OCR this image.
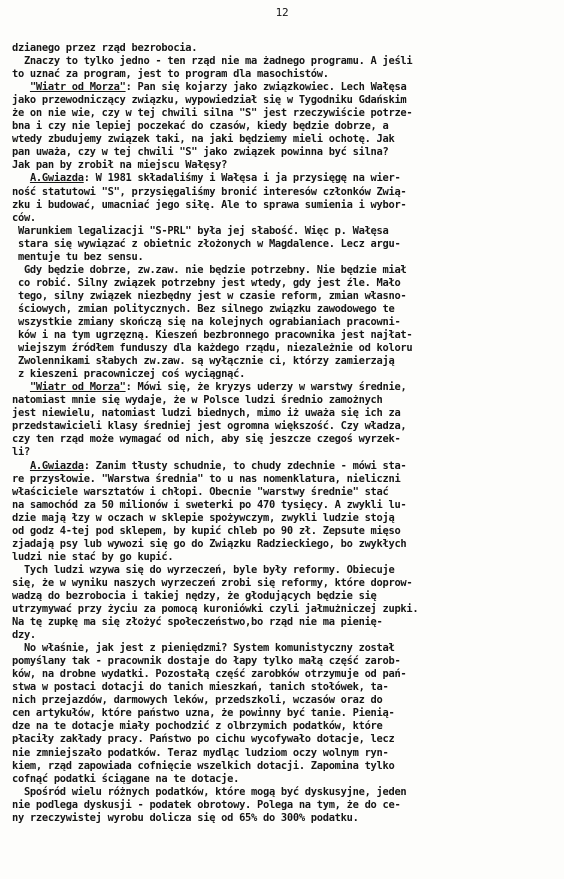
12
dzianego przez rząd bezrobocia.
Znaczy to tylko jedno - ten rząd nie ma żadnego programu. A jeśli
to uznać za program, jest to program dla masochistów.
"Wiatr od Morza": Pan się kojarzy jako związkowiec. Lech Wałęsa
jako przewodniczący związku, wypowiedział się w Tygodniku Gdańskim
że on nie wie, czy w tej chwili silna "S" jest rzeczywiście potrze-
bna i czy nie lepiej poczekać do czasów, kiedy będzie dobrze, a
wtedy zbudujemy związek taki, na jaki będziemy mieli ochotę. Jak
pan uważa, czy w tej chwili "S" jako związek powinna być silna?
Jak pan by zrobił na miejscu Wałęsy?
A.Gwiazda: W 1981 składaliśmy i Wałęsa i ja przysięgę na wier-
ność statutowi "S", przysięgaliśmy bronić interesów członków Zwią-
zku i budować, umacniać jego siłę. Ale to sprawa sumienia i wybor-
ców.
Warunkiem legalizacji "S-PRL" była jej słabość. Więc p. Wałęsa
stara się wywiązać z obietnic złożonych w Magdalence. Lecz argu-
mentuje tu bez sensu.
Gdy będzie dobrze, zw.zaw. nie będzie potrzebny. Nie będzie miał
co robić. Silny związek potrzebny jest wtedy, gdy jest źle. Mało
tego, silny związek niezbędny jest w czasie reform, zmian własno-
ściowych, zmian politycznych. Bez silnego związku zawodowego te
wszystkie zmiany skończą się na kolejnych ograbianiach pracowni-
ków i na tym ugrzęzną. Kieszeń bezbronnego pracownika jest najłat-
wiejszym źródłem funduszy dla każdego rządu, niezależnie od koloru
Zwolennikami słabych zw.zaw. są wyłącznie ci, którzy zamierzają
z kieszeni pracowniczej coś wyciągnąć.
"Wiatr od Morza": Mówi się, że kryzys uderzy w warstwy średnie,
natomiast mnie się wydaje, że w Polsce ludzi średnio zamożnych
jest niewielu, natomiast ludzi biednych, mimo iż uważa się ich za
przedstawicieli klasy średniej jest ogromna większość. Czy władza,
czy ten rząd może wymagać od nich, aby się jeszcze czegoś wyrzek-
li?
A.Gwiazda: Zanim tłusty schudnie, to chudy zdechnie - mówi sta-
re przysłowie. "Warstwa średnia" to u nas nomenklatura, nieliczni
właściciele warsztatów i chłopi. Obecnie "warstwy średnie" stać
na samochód za 50 milionów i sweterki po 470 tysięcy. A zwykli lu-
dzie mają łzy w oczach w sklepie spożywczym, zwykli ludzie stoją
od godz 4-tej pod sklepem, by kupić chleb po 90 zł. Zepsute mięso
zjadają psy lub wywozi się go do Związku Radzieckiego, bo zwykłych
ludzi nie stać by go kupić.
Tych ludzi wzywa się do wyrzeczeń, byle były reformy. Obiecuje
się, że w wyniku naszych wyrzeczeń zrobi się reformy, które doprow-
wadzą do bezrobocia i takiej nędzy, że głodujących będzie się
utrzymywać przy życiu za pomocą kuroniówki czyli jałmużniczej zupki.
Na tę zupkę ma się złożyć społeczeństwo,bo rząd nie ma pienię-
dzy.
No właśnie, jak jest z pieniędzmi? System komunistyczny został
pomyślany tak - pracownik dostaje do łapy tylko małą część zarob-
ków, na drobne wydatki. Pozostałą część zarobków otrzymuje od pań-
stwa w postaci dotacji do tanich mieszkań, tanich stołówek, ta-
nich przejazdów, darmowych leków, przedszkoli, wczasów oraz do
cen artykułów, które państwo uzna, że powinny być tanie. Pienią-
dze na te dotacje miały pochodzić z olbrzymich podatków, które
płaciły zakłady pracy. Państwo po cichu wycofywało dotacje, lecz
nie zmniejszało podatków. Teraz mydląc ludziom oczy wolnym ryn-
kiem, rząd zapowiada cofnięcie wszelkich dotacji. Zapomina tylko
cofnąć podatki ściągane na te dotacje.
Spośród wielu różnych podatków, które mogą być dyskusyjne, jeden
nie podlega dyskusji - podatek obrotowy. Polega na tym, że do ce-
ny rzeczywistej wyrobu dolicza się od 65% do 300% podatku.
